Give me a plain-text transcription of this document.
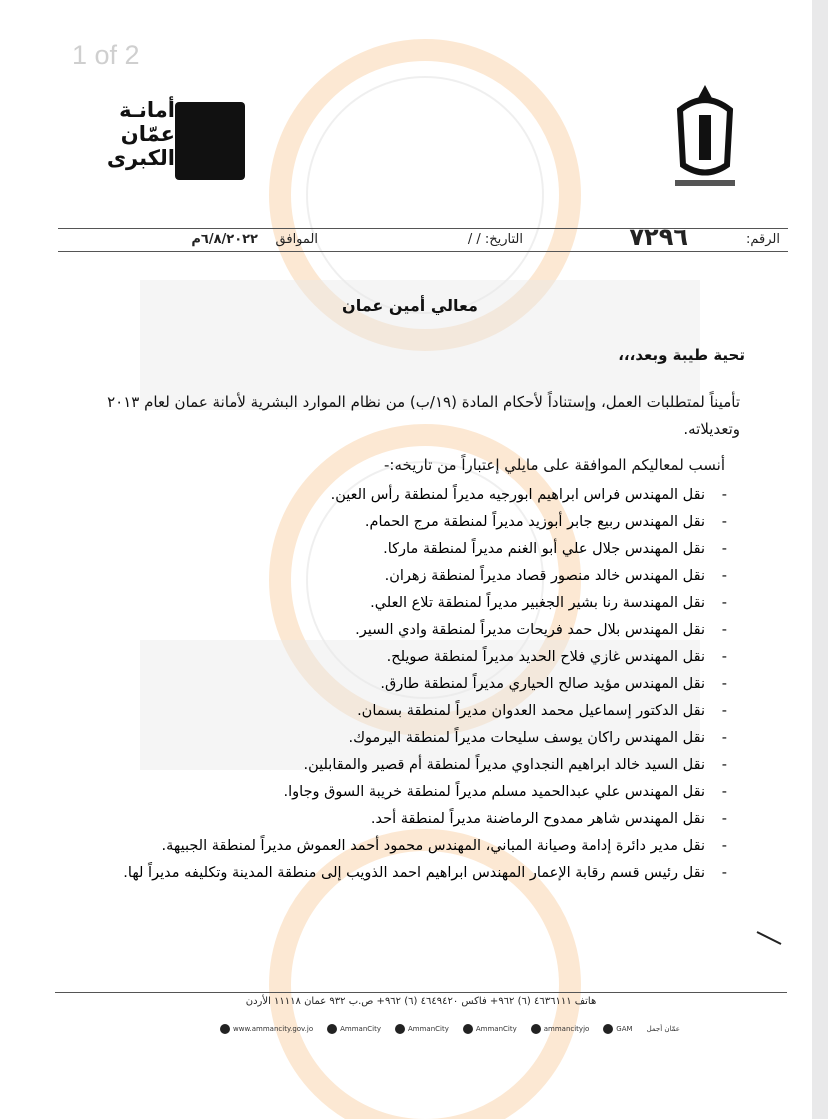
1 of 2
أمانـة
عمّان
الكبرى
الرقم:
٧٢٩٦
التاريخ: / /
الموافق
٦/٨/٢٠٢٢م
معالي أمين عمان
تحية طيبة وبعد،،،
تأميناً لمتطلبات العمل، وإستناداً لأحكام المادة (١٩/ب) من نظام الموارد البشرية لأمانة عمان لعام ٢٠١٣ وتعديلاته.
أنسب لمعاليكم الموافقة على مايلي إعتباراً من تاريخه:-
- نقل المهندس فراس ابراهيم ابورجيه مديراً لمنطقة رأس العين.
- نقل المهندس ربيع جابر أبوزيد مديراً لمنطقة مرج الحمام.
- نقل المهندس جلال علي أبو الغنم مديراً لمنطقة ماركا.
- نقل المهندس خالد منصور قصاد مديراً لمنطقة زهران.
- نقل المهندسة رنا بشير الجغبير مديراً لمنطقة تلاع العلي.
- نقل المهندس بلال حمد فريحات مديراً لمنطقة وادي السير.
- نقل المهندس غازي فلاح الحديد مديراً لمنطقة صويلح.
- نقل المهندس مؤيد صالح الحياري مديراً لمنطقة طارق.
- نقل الدكتور إسماعيل محمد العدوان مديراً لمنطقة بسمان.
- نقل المهندس راكان يوسف سليحات مديراً لمنطقة اليرموك.
- نقل السيد خالد ابراهيم النجداوي مديراً لمنطقة أم قصير والمقابلين.
- نقل المهندس علي عبدالحميد مسلم مديراً لمنطقة خريبة السوق وجاوا.
- نقل المهندس شاهر ممدوح الرماضنة مديراً لمنطقة أحد.
- نقل مدير دائرة إدامة وصيانة المباني، المهندس محمود أحمد العموش مديراً لمنطقة الجبيهة.
- نقل رئيس قسم رقابة الإعمار المهندس ابراهيم احمد الذويب إلى منطقة المدينة وتكليفه مديراً لها.
هاتف ٤٦٣٦١١١ (٦) ٩٦٢+ فاكس ٤٦٤٩٤٢٠ (٦) ٩٦٢+ ص.ب ٩٣٢ عمان ١١١١٨ الأردن
www.ammancity.gov.jo	AmmanCity	AmmanCity	AmmanCity	ammancityjo	GAM عمّان أجمل
